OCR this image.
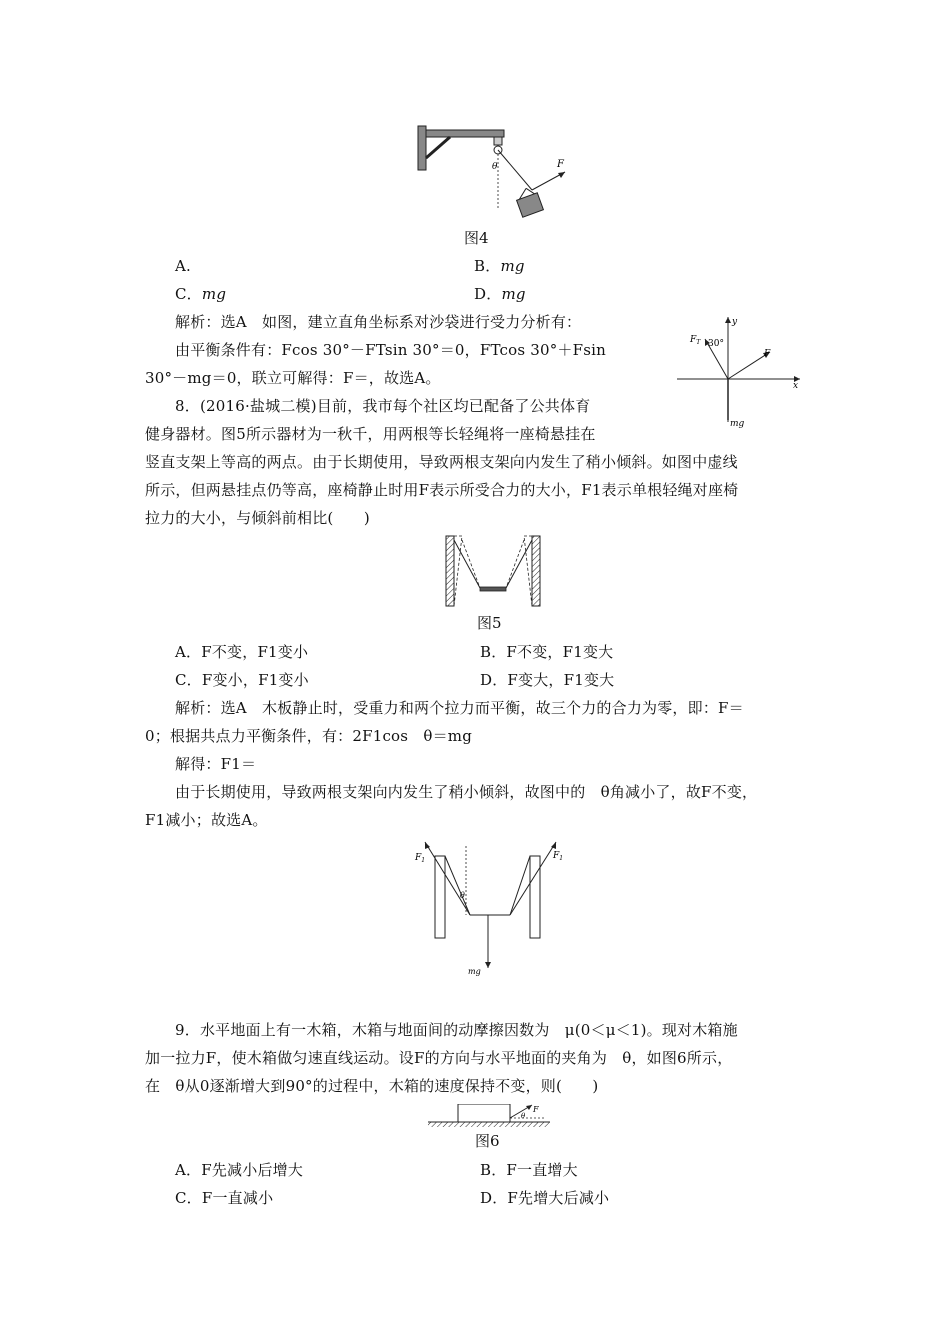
θ	F
图4
A.	B．mg
C．mg	D．mg
解析：选A　如图，建立直角坐标系对沙袋进行受力分析有：
由平衡条件有：Fcos 30°－FTsin 30°＝0，FTcos 30°＋Fsin
30°－mg＝0，联立可解得：F＝，故选A。
$F_T$ 30°
F
y
x
mg
8．(2016·盐城二模)目前，我市每个社区均已配备了公共体育
健身器材。图5所示器材为一秋千，用两根等长轻绳将一座椅悬挂在
竖直支架上等高的两点。由于长期使用，导致两根支架向内发生了稍小倾斜。如图中虚线
所示，但两悬挂点仍等高，座椅静止时用F表示所受合力的大小，F1表示单根轻绳对座椅
拉力的大小，与倾斜前相比(　　)
图5
A．F不变，F1变小	B．F不变，F1变大
C．F变小，F1变小	D．F变大，F1变大
解析：选A　木板静止时，受重力和两个拉力而平衡，故三个力的合力为零，即：F＝
0；根据共点力平衡条件，有：2F1cos　θ＝mg
解得：F1＝
由于长期使用，导致两根支架向内发生了稍小倾斜，故图中的　θ角减小了，故F不变，
F1减小；故选A。
$F_1$	$F_1$
θ
mg
9．水平地面上有一木箱，木箱与地面间的动摩擦因数为　μ(0＜μ＜1)。现对木箱施
加一拉力F，使木箱做匀速直线运动。设F的方向与水平地面的夹角为　θ，如图6所示，
在　θ从0逐渐增大到90°的过程中，木箱的速度保持不变，则(　　)
F
θ
图6
A．F先减小后增大	B．F一直增大
C．F一直减小	D．F先增大后减小
